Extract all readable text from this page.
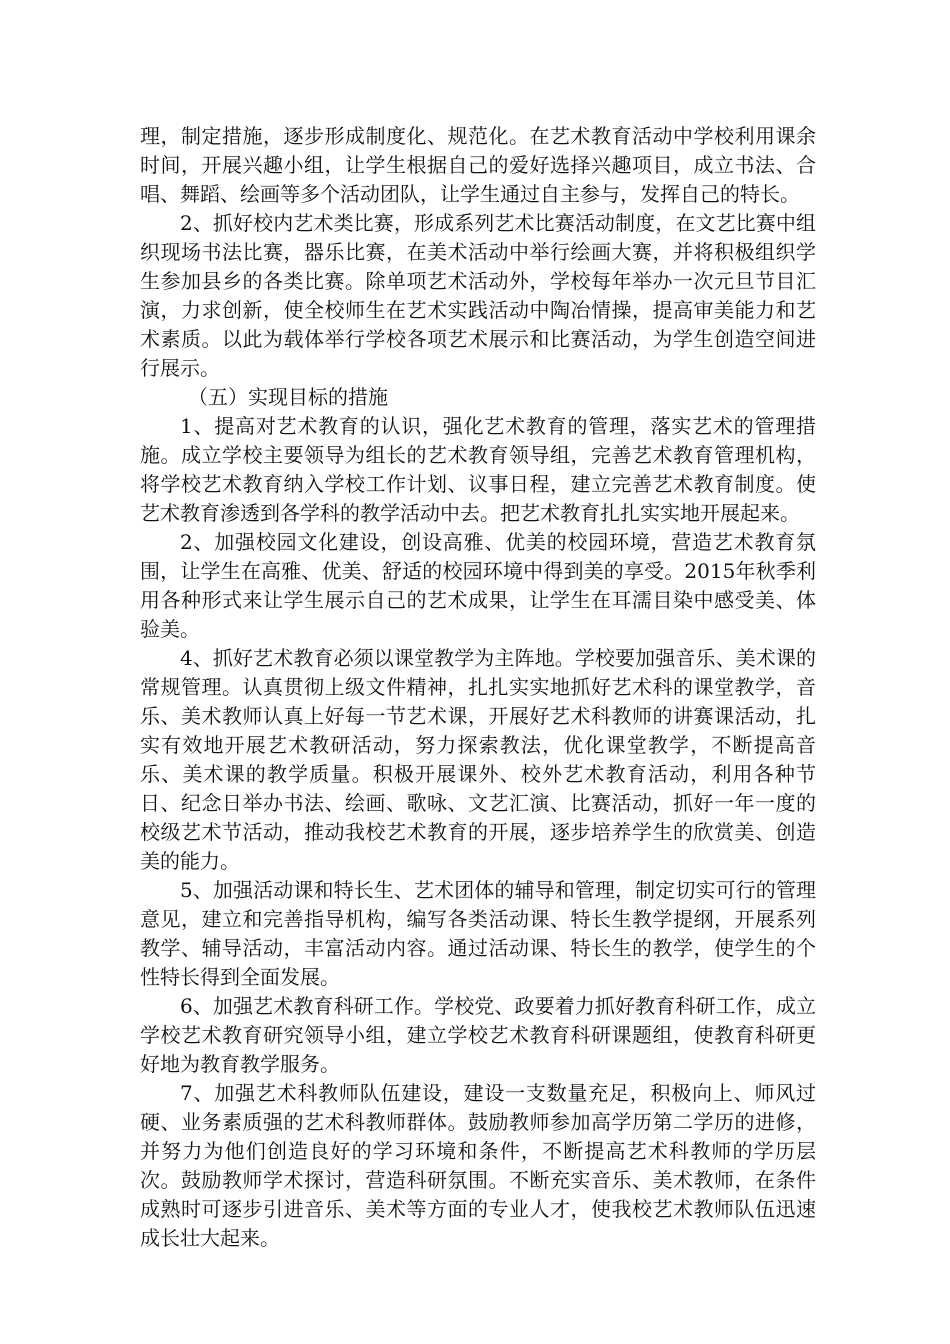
理，制定措施，逐步形成制度化、规范化。在艺术教育活动中学校利用课余时间，开展兴趣小组，让学生根据自己的爱好选择兴趣项目，成立书法、合唱、舞蹈、绘画等多个活动团队，让学生通过自主参与，发挥自己的特长。

2、抓好校内艺术类比赛，形成系列艺术比赛活动制度，在文艺比赛中组织现场书法比赛，器乐比赛，在美术活动中举行绘画大赛，并将积极组织学生参加县乡的各类比赛。除单项艺术活动外，学校每年举办一次元旦节目汇演，力求创新，使全校师生在艺术实践活动中陶冶情操，提高审美能力和艺术素质。以此为载体举行学校各项艺术展示和比赛活动，为学生创造空间进行展示。

（五）实现目标的措施

1、提高对艺术教育的认识，强化艺术教育的管理，落实艺术的管理措施。成立学校主要领导为组长的艺术教育领导组，完善艺术教育管理机构，将学校艺术教育纳入学校工作计划、议事日程，建立完善艺术教育制度。使艺术教育渗透到各学科的教学活动中去。把艺术教育扎扎实实地开展起来。

2、加强校园文化建设，创设高雅、优美的校园环境，营造艺术教育氛围，让学生在高雅、优美、舒适的校园环境中得到美的享受。2015年秋季利用各种形式来让学生展示自己的艺术成果，让学生在耳濡目染中感受美、体验美。

4、抓好艺术教育必须以课堂教学为主阵地。学校要加强音乐、美术课的常规管理。认真贯彻上级文件精神，扎扎实实地抓好艺术科的课堂教学，音乐、美术教师认真上好每一节艺术课，开展好艺术科教师的讲赛课活动，扎实有效地开展艺术教研活动，努力探索教法，优化课堂教学，不断提高音乐、美术课的教学质量。积极开展课外、校外艺术教育活动，利用各种节日、纪念日举办书法、绘画、歌咏、文艺汇演、比赛活动，抓好一年一度的校级艺术节活动，推动我校艺术教育的开展，逐步培养学生的欣赏美、创造美的能力。

5、加强活动课和特长生、艺术团体的辅导和管理，制定切实可行的管理意见，建立和完善指导机构，编写各类活动课、特长生教学提纲，开展系列教学、辅导活动，丰富活动内容。通过活动课、特长生的教学，使学生的个性特长得到全面发展。

6、加强艺术教育科研工作。学校党、政要着力抓好教育科研工作，成立学校艺术教育研究领导小组，建立学校艺术教育科研课题组，使教育科研更好地为教育教学服务。

7、加强艺术科教师队伍建设，建设一支数量充足，积极向上、师风过硬、业务素质强的艺术科教师群体。鼓励教师参加高学历第二学历的进修，并努力为他们创造良好的学习环境和条件，不断提高艺术科教师的学历层次。鼓励教师学术探讨，营造科研氛围。不断充实音乐、美术教师，在条件成熟时可逐步引进音乐、美术等方面的专业人才，使我校艺术教师队伍迅速成长壮大起来。
